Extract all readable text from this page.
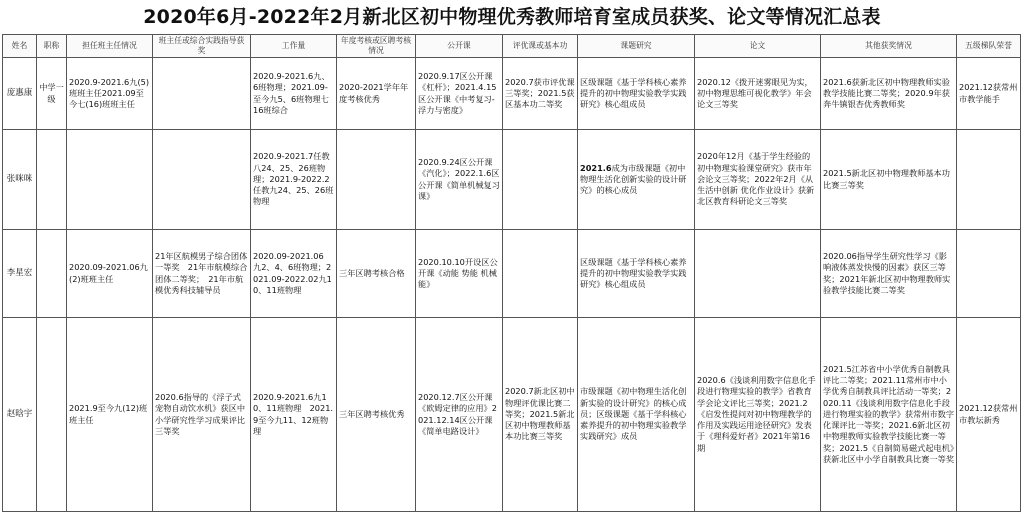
2020年6月-2022年2月新北区初中物理优秀教师培育室成员获奖、论文等情况汇总表
姓名	职称	担任班主任情况	班主任或综合实践指导获奖	工作量	年度考核或区聘考核情况	公开课	评优课或基本功	课题研究	论文	其他获奖情况	五级梯队荣誉
庞惠康	中学一级	2020.9-2021.6九(5)班班主任2021.09至今七(16)班班主任		2020.9-2021.6九、6班物理；2021.09-至今九5、6班物理七16班综合	2020-2021学年年度考核优秀	2020.9.17区公开课《杠杆》；2021.4.15区公开课《中考复习-浮力与密度》	2020.7获市评优课三等奖；2021.5获区基本功二等奖	区级课题《基于学科核心素养提升的初中物理实验教学实践研究》核心组成员	2020.12《拨开迷雾眼见为实，初中物理思维可视化教学》年会论文三等奖	2021.6获新北区初中物理教师实验教学技能比赛二等奖；2020.9年获奔牛镇银杏优秀教师奖	2021.12获常州市教学能手
张咪咪				2020.9-2021.7任教八24、25、26班物理；2021.9-2022.2任教九24、25、26班物理		2020.9.24区公开课《汽化》；2022.1.6区公开课《简单机械复习课》		2021.6成为市级课题《初中物理生活化创新实验的设计研究》的核心成员	2020年12月《基于学生经验的初中物理实验课堂研究》获市年会论文三等奖；2022年2月《从生活中创新 优化作业设计》获新北区教育科研论文三等奖	2021.5新北区初中物理教师基本功比赛三等奖	
李星宏		2020.09-2021.06九(2)班班主任	21年区航模男子综合团体一等奖　21年市航模综合团体二等奖；　21年市航模优秀科技辅导员	2020.09-2021.06 九2、4、6班物理；2021.09-2022.02九10、11班物理	三年区聘考核合格	2020.10.10开设区公开课《动能 势能 机械能》		区级课题《基于学科核心素养提升的初中物理实验教学实践研究》核心组成员		2020.06指导学生研究性学习《影响液体蒸发快慢的因素》获区三等奖；2021年新北区初中物理教师实验教学技能比赛二等奖	
赵晗宇		2021.9至今九(12)班班主任	2020.6指导的《浮子式宠物自动饮水机》获区中小学研究性学习成果评比三等奖	2020.9-2021.6九10、11班物理　2021.9至今九11、12班物理	三年区聘考核优秀	2020.12.7区公开课《欧姆定律的应用》2021.12.14区公开课《简单电路设计》	2020.7新北区初中物理评优课比赛二等奖；2021.5新北区初中物理教师基本功比赛三等奖	市级课题《初中物理生活化创新实验的设计研究》的核心成员；区级课题《基于学科核心素养提升的初中物理实验教学实践研究》成员	2020.6《浅谈利用数字信息化手段进行物理实验的教学》省教育学会论文评比三等奖；2021.2《启发性提问对初中物理教学的作用及实践运用途径研究》发表于《理科爱好者》2021年第16期	2021.5江苏省中小学优秀自制教具评比二等奖；2021.11常州市中小学优秀自制教具评比活动一等奖；2020.11《浅谈利用数字信息化手段进行物理实验的教学》获常州市数字化课评比一等奖；2021.6新北区初中物理教师实验教学技能比赛一等奖；2021.5《自制简易磁式起电机》获新北区中小学自制教具比赛一等奖	2021.12获常州市教坛新秀
